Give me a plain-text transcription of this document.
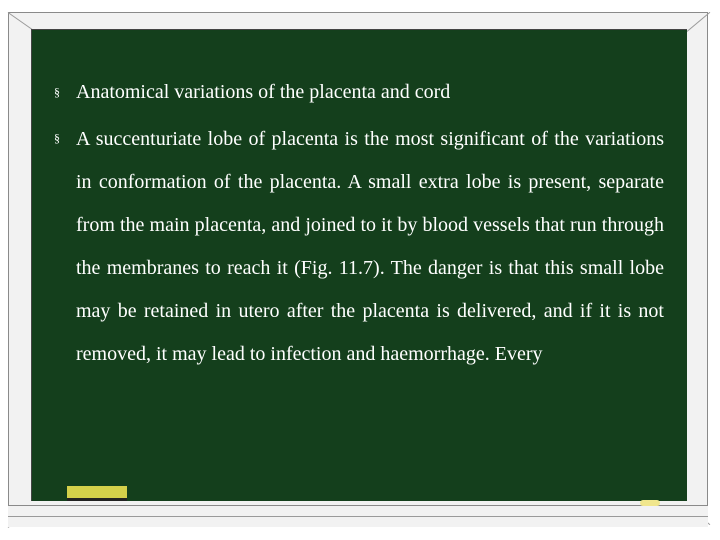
§ Anatomical variations of the placenta and cord
§ A succenturiate lobe of placenta is the most significant of the variations in conformation of the placenta. A small extra lobe is present, separate from the main placenta, and joined to it by blood vessels that run through the membranes to reach it (Fig. 11.7). The danger is that this small lobe may be retained in utero after the placenta is delivered, and if it is not removed, it may lead to infection and haemorrhage. Every
